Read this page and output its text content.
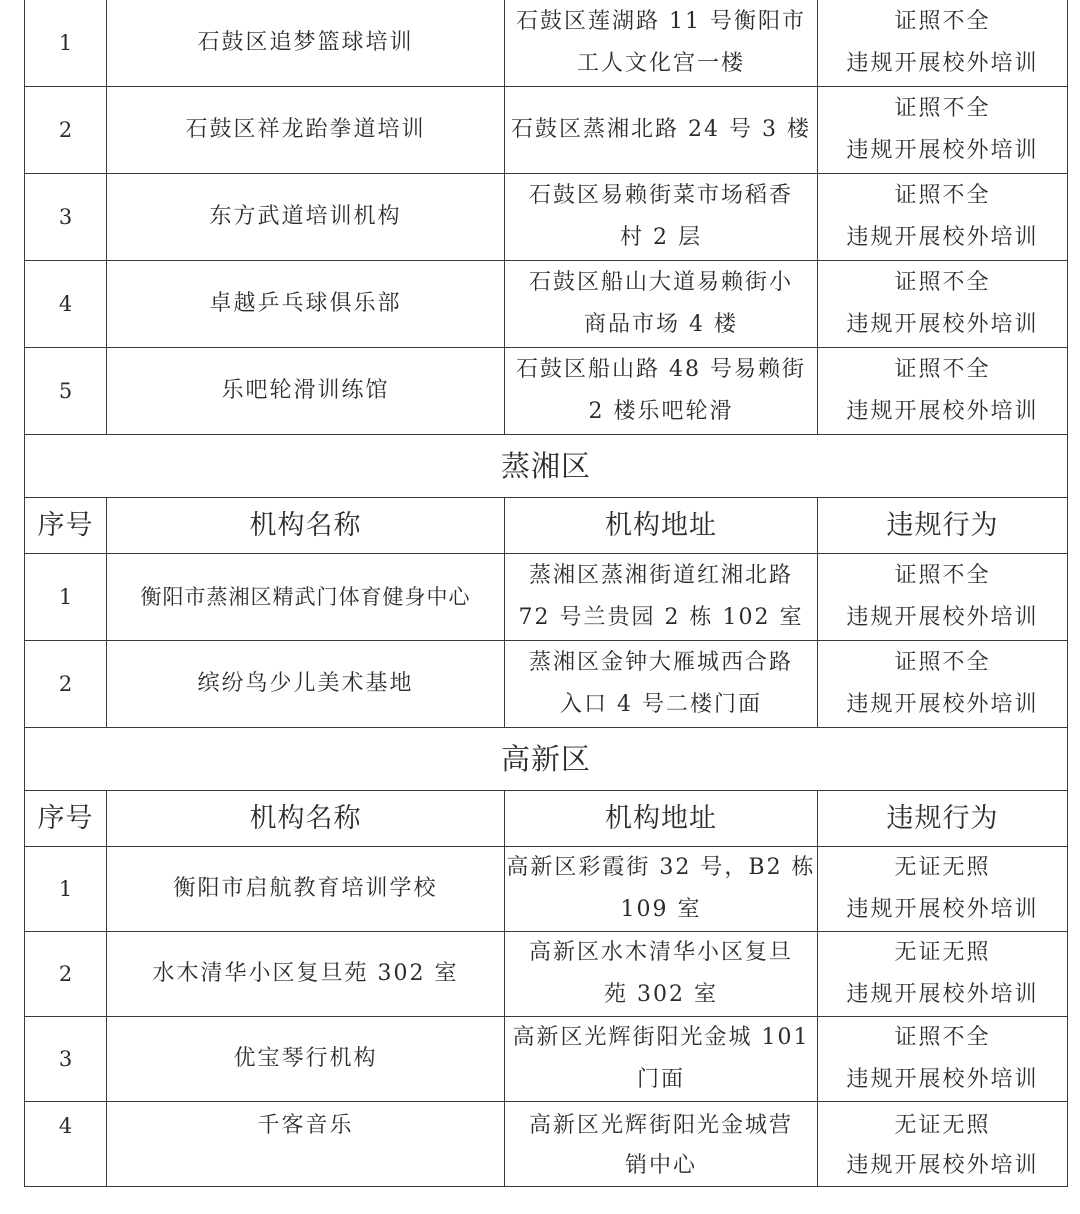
1	石鼓区追梦篮球培训	石鼓区莲湖路 11 号衡阳市
工人文化宫一楼	证照不全
违规开展校外培训

2	石鼓区祥龙跆拳道培训	石鼓区蒸湘北路 24 号 3 楼	证照不全
违规开展校外培训

3	东方武道培训机构	石鼓区易赖街菜市场稻香
村 2 层	证照不全
违规开展校外培训

4	卓越乒乓球俱乐部	石鼓区船山大道易赖街小
商品市场 4 楼	证照不全
违规开展校外培训

5	乐吧轮滑训练馆	石鼓区船山路 48 号易赖街
2 楼乐吧轮滑	证照不全
违规开展校外培训

蒸湘区			
序号	机构名称	机构地址	违规行为
1	衡阳市蒸湘区精武门体育健身中心	蒸湘区蒸湘街道红湘北路
72 号兰贵园 2 栋 102 室	证照不全
违规开展校外培训

2	缤纷鸟少儿美术基地	蒸湘区金钟大雁城西合路
入口 4 号二楼门面	证照不全
违规开展校外培训

高新区			
序号	机构名称	机构地址	违规行为
1	衡阳市启航教育培训学校	高新区彩霞街 32 号，B2 栋
109 室	无证无照
违规开展校外培训

2	水木清华小区复旦苑 302 室	高新区水木清华小区复旦
苑 302 室	无证无照
违规开展校外培训

3	优宝琴行机构	高新区光辉街阳光金城 101
门面	证照不全
违规开展校外培训

4	千客音乐	高新区光辉街阳光金城营
销中心	无证无照
违规开展校外培训
